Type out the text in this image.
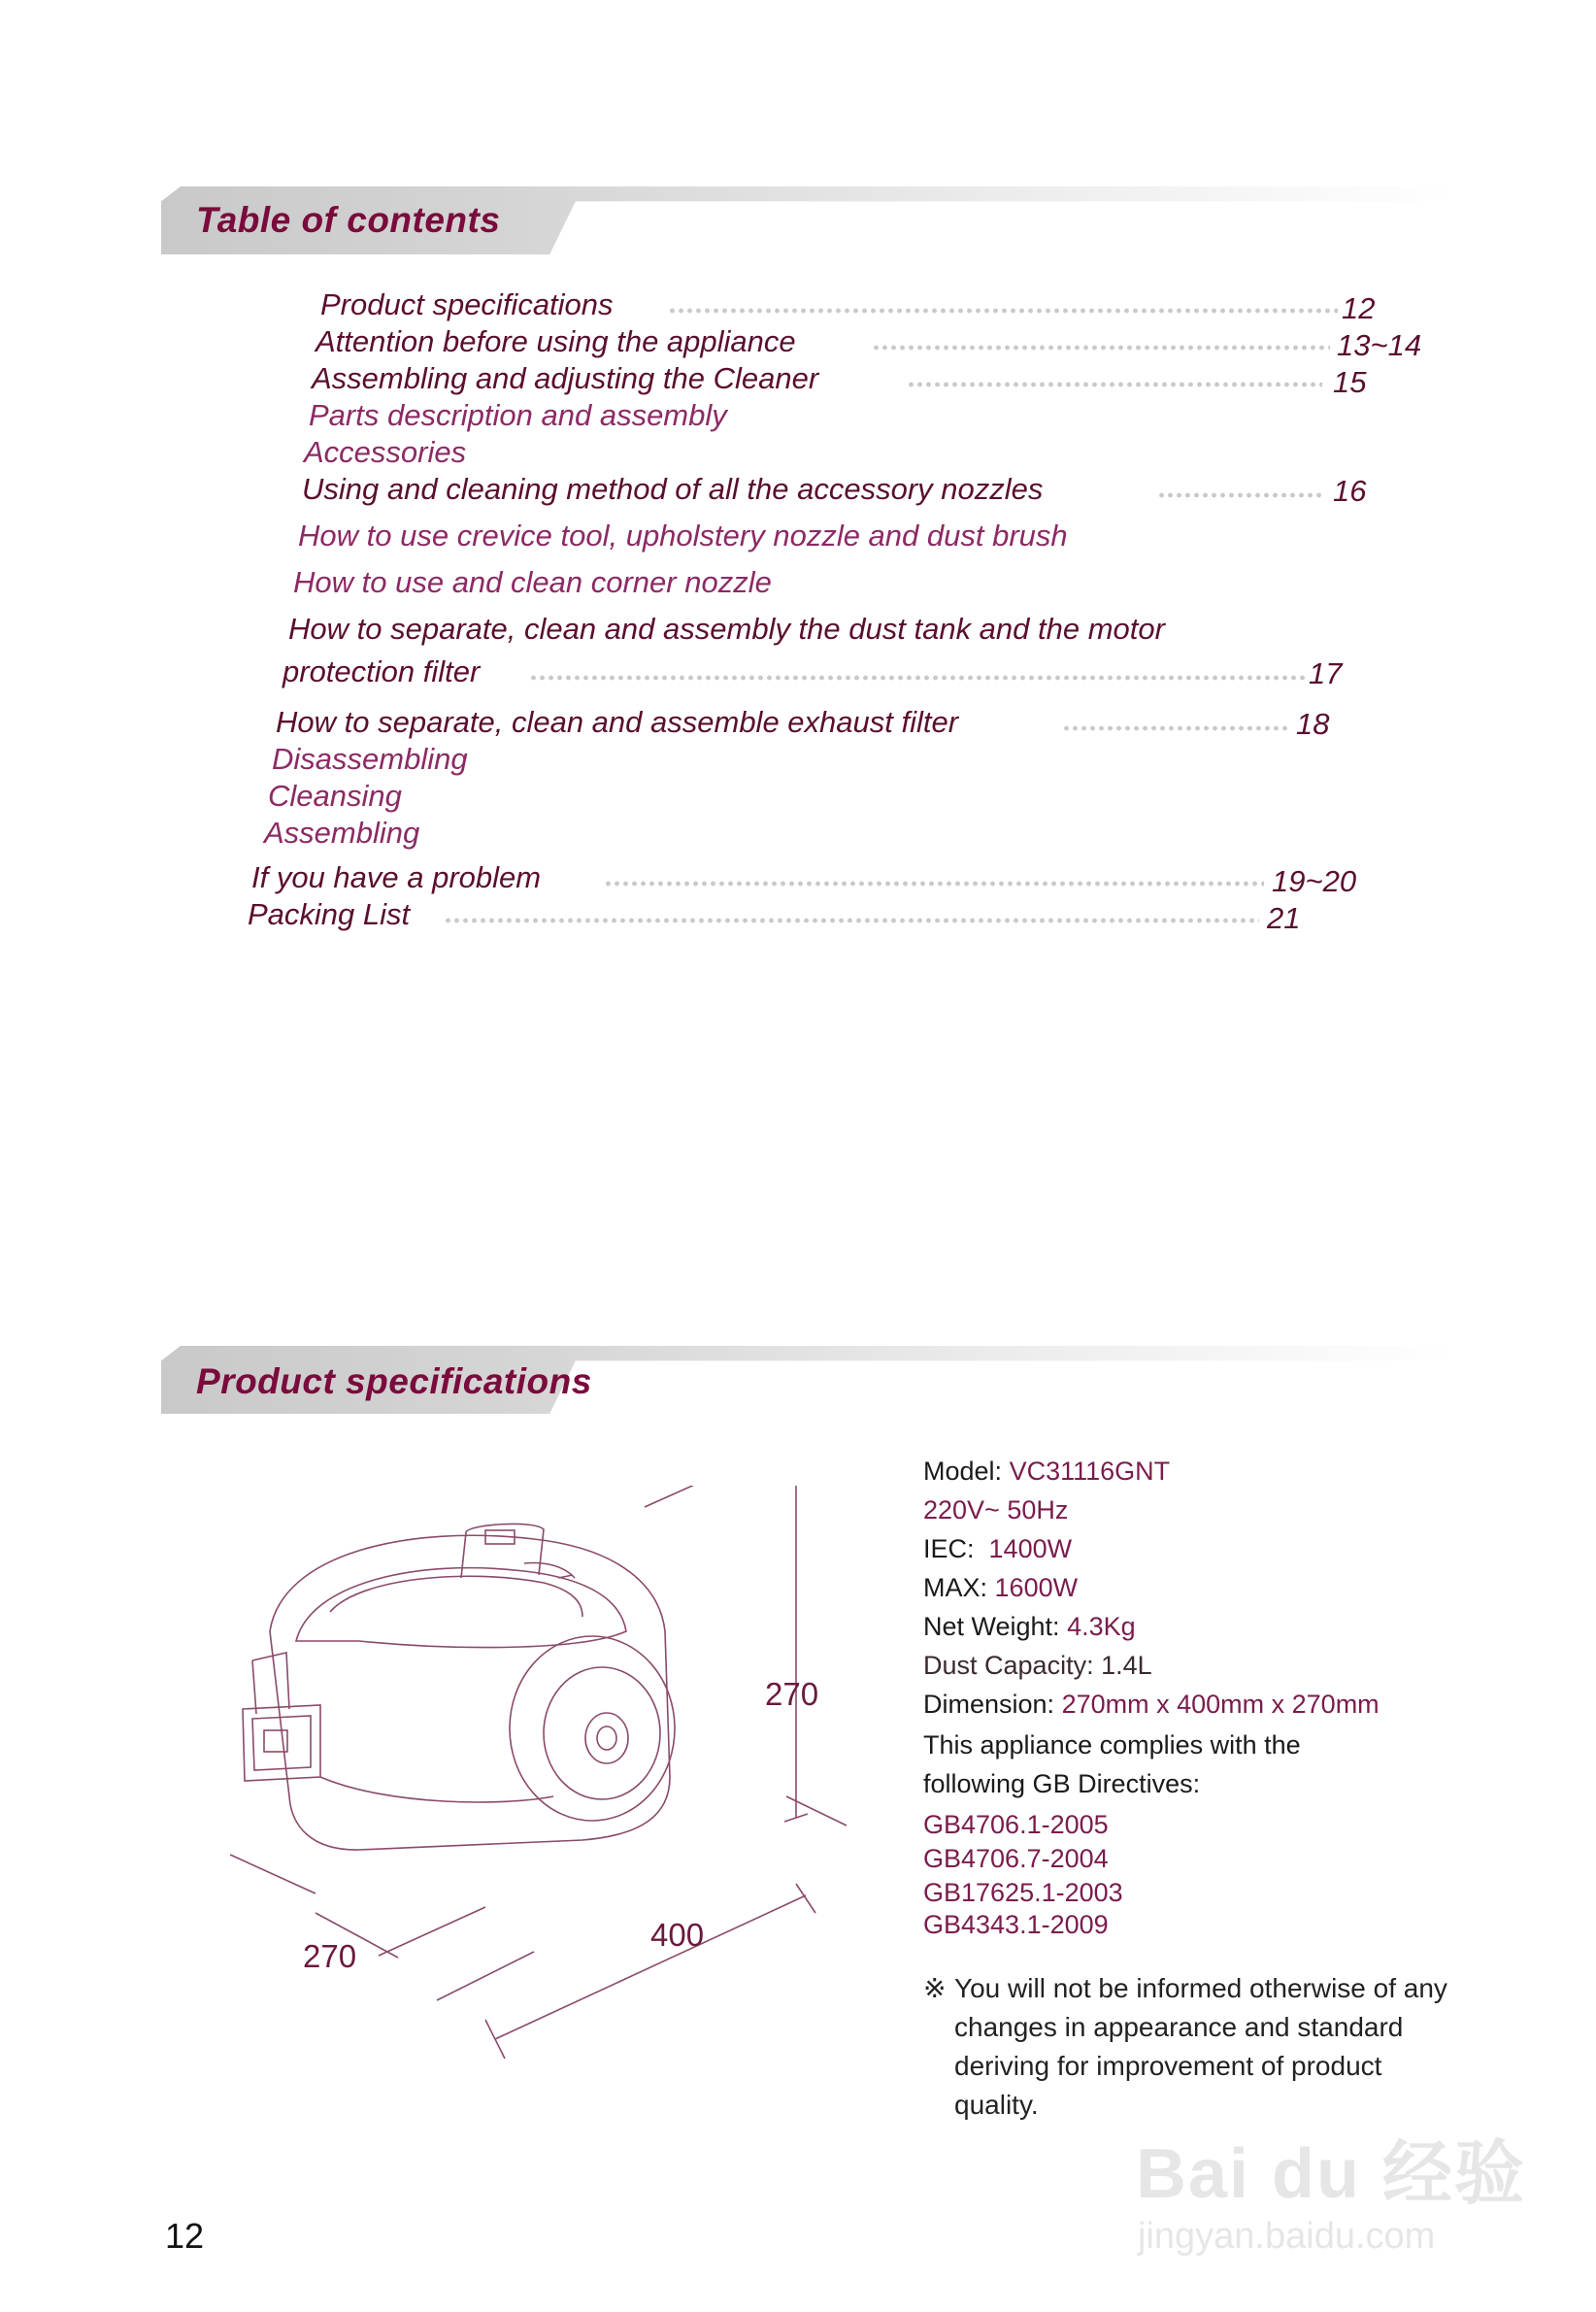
Table of contents
Product specifications	12
Attention before using the appliance	13~14
Assembling and adjusting the Cleaner	15
Parts description and assembly
Accessories
Using and cleaning method of all the accessory nozzles	16
How to use crevice tool, upholstery nozzle and dust brush
How to use and clean corner nozzle
How to separate, clean and assembly the dust tank and the motor
protection filter	17
How to separate, clean and assemble exhaust filter	18
Disassembling
Cleansing
Assembling
If you have a problem	19~20
Packing List	21
Product specifications
270
270
400
Model: VC31116GNT
220V~ 50Hz
IEC: 1400W
MAX: 1600W
Net Weight: 4.3Kg
Dust Capacity: 1.4L
Dimension: 270mm x 400mm x 270mm
This appliance complies with the
following GB Directives:
GB4706.1-2005
GB4706.7-2004
GB17625.1-2003
GB4343.1-2009
※ You will not be informed otherwise of any changes in appearance and standard deriving for improvement of product quality.
12
Bai du 经验
jingyan.baidu.com
